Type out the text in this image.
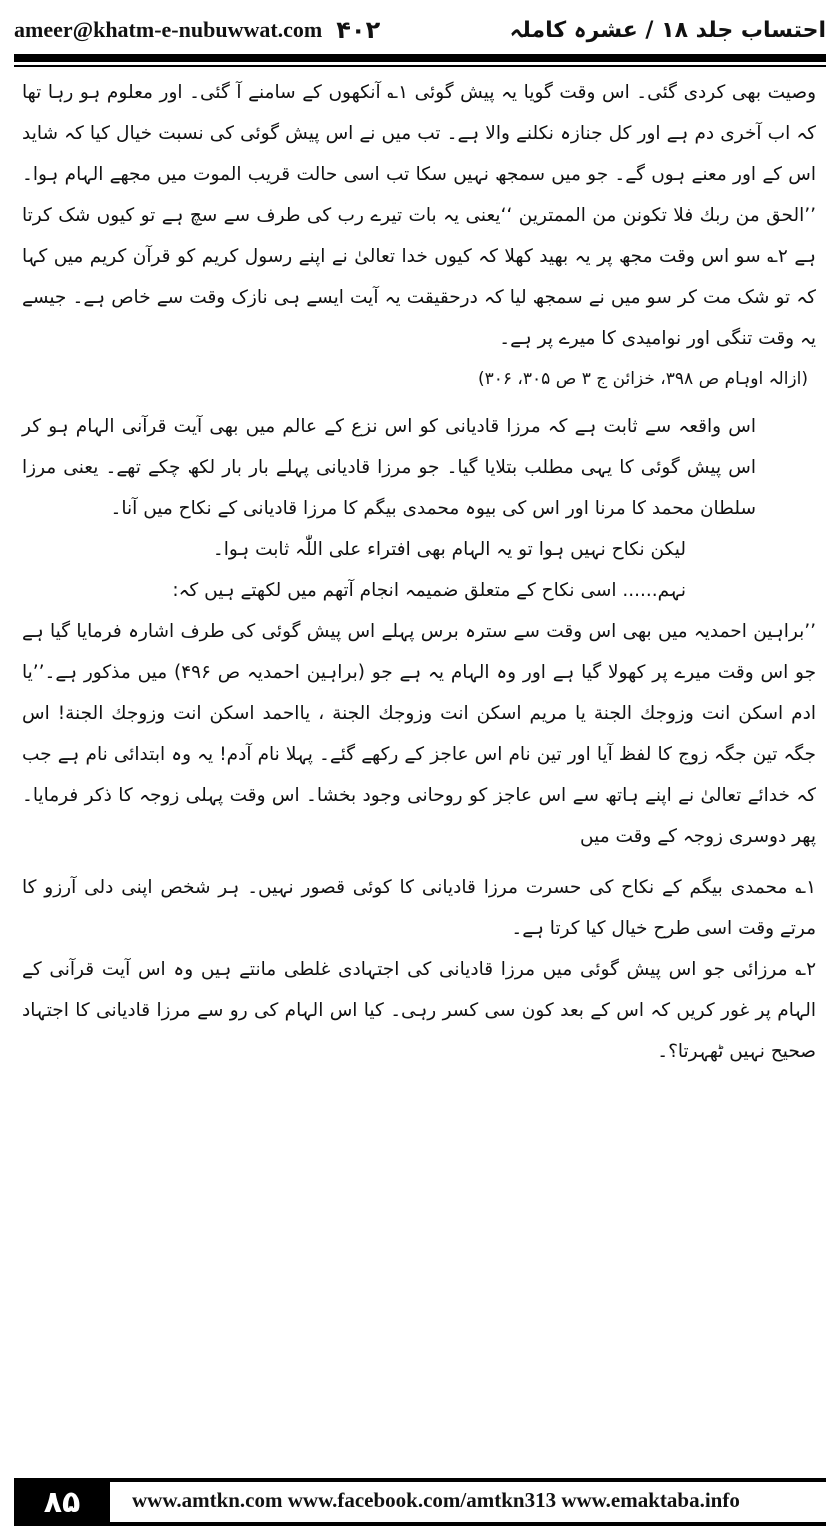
ameer@khatm-e-nubuwwat.com ۴۰۲	احتساب جلد ۱۸ / عشرہ کاملہ

وصیت بھی کردی گئی۔ اس وقت گویا یہ پیش گوئی ۱؎ آنکھوں کے سامنے آ گئی۔ اور معلوم ہو رہا تھا کہ اب آخری دم ہے اور کل جنازہ نکلنے والا ہے۔ تب میں نے اس پیش گوئی کی نسبت خیال کیا کہ شاید اس کے اور معنے ہوں گے۔ جو میں سمجھ نہیں سکا تب اسی حالت قریب الموت میں مجھے الہام ہوا۔ ’’الحق من ربك فلا تکونن من الممترین ‘‘یعنی یہ بات تیرے رب کی طرف سے سچ ہے تو کیوں شک کرتا ہے ۲؎ سو اس وقت مجھ پر یہ بھید کھلا کہ کیوں خدا تعالیٰ نے اپنے رسول کریم کو قرآن کریم میں کہا کہ تو شک مت کر سو میں نے سمجھ لیا کہ درحقیقت یہ آیت ایسے ہی نازک وقت سے خاص ہے۔ جیسے یہ وقت تنگی اور نوامیدی کا میرے پر ہے۔

(ازالہ اوہام ص ۳۹۸، خزائن ج ۳ ص ۳۰۵، ۳۰۶)

اس واقعہ سے ثابت ہے کہ مرزا قادیانی کو اس نزع کے عالم میں بھی آیت قرآنی الہام ہو کر اس پیش گوئی کا یہی مطلب بتلایا گیا۔ جو مرزا قادیانی پہلے بار بار لکھ چکے تھے۔ یعنی مرزا سلطان محمد کا مرنا اور اس کی بیوہ محمدی بیگم کا مرزا قادیانی کے نکاح میں آنا۔

لیکن نکاح نہیں ہوا تو یہ الہام بھی افتراء علی اللّٰہ ثابت ہوا۔

نہم...... اسی نکاح کے متعلق ضمیمہ انجام آتھم میں لکھتے ہیں کہ:

’’براہین احمدیہ میں بھی اس وقت سے سترہ برس پہلے اس پیش گوئی کی طرف اشارہ فرمایا گیا ہے جو اس وقت میرے پر کھولا گیا ہے اور وہ الہام یہ ہے جو (براہین احمدیہ ص ۴۹۶) میں مذکور ہے۔’’یا ادم اسکن انت وزوجك الجنة یا مریم اسکن انت وزوجك الجنة ، یااحمد اسکن انت وزوجك الجنة! اس جگہ تین جگہ زوج کا لفظ آیا اور تین نام اس عاجز کے رکھے گئے۔ پہلا نام آدم! یہ وہ ابتدائی نام ہے جب کہ خدائے تعالیٰ نے اپنے ہاتھ سے اس عاجز کو روحانی وجود بخشا۔ اس وقت پہلی زوجہ کا ذکر فرمایا۔ پھر دوسری زوجہ کے وقت میں

۱؎ محمدی بیگم کے نکاح کی حسرت مرزا قادیانی کا کوئی قصور نہیں۔ ہر شخص اپنی دلی آرزو کا مرتے وقت اسی طرح خیال کیا کرتا ہے۔

۲؎ مرزائی جو اس پیش گوئی میں مرزا قادیانی کی اجتہادی غلطی مانتے ہیں وہ اس آیت قرآنی کے الہام پر غور کریں کہ اس کے بعد کون سی کسر رہی۔ کیا اس الہام کی رو سے مرزا قادیانی کا اجتہاد صحیح نہیں ٹھہرتا؟۔

۸۵	www.amtkn.com www.facebook.com/amtkn313 www.emaktaba.info
